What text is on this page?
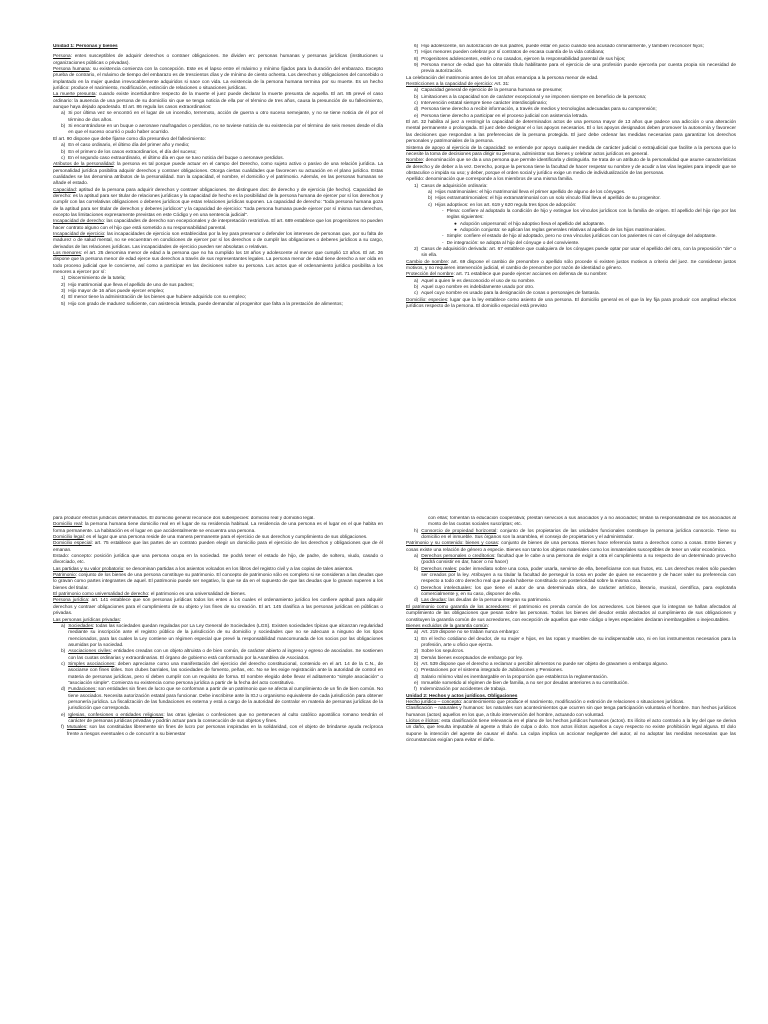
Unidad 1: Personas y bienes

Persona: entes susceptibles de adquirir derechos o contraer obligaciones. Se dividen en: personas humanas y personas jurídicas (instituciones u organizaciones públicas o privadas).

Persona humana: su existencia comienza con la concepción. Este es el lapso entre el máximo y mínimo fijados para la duración del embarazo. Excepto prueba de contrario, el máximo de tiempo del embarazo es de trescientos días y de mínimo de ciento ochenta. Los derechos y obligaciones del concebido o implantado en la mujer quedan irrevocablemente adquiridos si nace con vida. La existencia de la persona humana termina por su muerte. Es un hecho jurídico: produce el nacimiento, modificación, extinción de relaciones o situaciones jurídicas.

La muerte presunta: cuando existe incertidumbre respecto de la muerte el juez puede declarar la muerte presunta de aquella. El art. 85 prevé el caso ordinario: la ausencia de una persona de su domicilio sin que se tenga noticia de ella por el término de tres años, causa la presunción de su fallecimiento, aunque haya dejado apoderado. El art. 86 regula los casos extraordinarios:

a) Si por última vez se encontró en el lugar de un incendio, terremoto, acción de guerra u otro suceso semejante, y no se tiene noticia de él por el término de dos años.
b) Si encontrándose en un buque o aeronave naufragados o perdidos, no se tuviese noticia de su existencia por el término de seis meses desde el día en que el suceso ocurrió o pudo haber ocurrido.

El art. 90 dispone que debe fijarse como día presuntivo del fallecimiento:

a) En el caso ordinario, el último día del primer año y medio;
b) En el primero de los casos extraordinarios, el día del suceso;
c) En el segundo caso extraordinario, el último día en que se tuvo noticia del buque o aeronave perdidos.

Atributos de la personalidad: la persona es tal porque puede actuar en el campo del Derecho, como sujeto activo o pasivo de una relación jurídica. La personalidad jurídica posibilita adquirir derechos y contraer obligaciones. Otorga ciertas cualidades que favorecen su actuación en el plano jurídico. Estas cualidades se las denomina atributos de la personalidad. Son la capacidad, el nombre, el domicilio y el patrimonio. Además, en las personas humanas se añade el estado.

Capacidad: aptitud de la persona para adquirir derechos y contraer obligaciones. Se distinguen dos: de derecho y de ejercicio (de hecho). Capacidad de derecho: es la aptitud para ser titular de relaciones jurídicas y la capacidad de hecho es la posibilidad de la persona humana de ejercer por sí los derechos y cumplir con las correlativas obligaciones o deberes jurídicos que estas relaciones jurídicas suponen. La capacidad de derecho: "toda persona humana goza de la aptitud para ser titular de derechos y deberes jurídicos" y la capacidad de ejercicio: "toda persona humana puede ejercer por sí misma sus derechos, excepto las limitaciones expresamente previstas en este Código y en una sentencia judicial".

Incapacidad de derecho: las capacidades de derecho son excepcionales y de interpretación restrictiva. El art. 689 establece que los progenitores no pueden hacer contrato alguno con el hijo que está sometido a su responsabilidad parental.

Incapacidad de ejercicio: las incapacidades de ejercicio son establecidas por la ley para preservar o defender los intereses de personas que, por su falta de madurez o de salud mental, no se encuentran en condiciones de ejercer por sí los derechos o de cumplir las obligaciones o deberes jurídicos a su cargo, derivados de las relaciones jurídicas. Las incapacidades de ejercicio pueden ser absolutas o relativas.

Los menores: el art. 25 denomina menor de edad a la persona que no ha cumplido los 18 años y adolescente al menor que cumplió 13 años. El art. 26 dispone que la persona menor de edad ejerce sus derechos a través de sus representantes legales. La persona menor de edad tiene derecho a ser oída en todo proceso judicial que le concierne, así como a participar en las decisiones sobre su persona. Los actos que el ordenamiento jurídico posibilita a los menores a ejercer por sí:

1) Discernimiento de la tutela;
2) Hijo matrimonial que lleva el apellido de uno de sus padres;
3) Hijo mayor de 16 años puede ejercer empleo;
4) El menor tiene la administración de los bienes que hubiere adquirido con su empleo;
5) Hijo con grado de madurez suficiente, con asistencia letrada, puede demandar al progenitor que falta a la prestación de alimentos;
6) Hijo adolescente, sin autorización de sus padres, puede estar en juicio cuando sea acusado criminalmente, y también reconocer hijos;
7) Hijos menores pueden celebrar por sí contratos de escasa cuantía de la vida cotidiana;
8) Progenitores adolescentes, estén o no casados, ejercen la responsabilidad parental de sus hijos;
9) Persona menor de edad que ha obtenido título habilitante para el ejercicio de una profesión puede ejercerla por cuenta propia sin necesidad de previa autorización.

La celebración del matrimonio antes de los 18 años emancipa a la persona menor de edad.

Restricciones a la capacidad de ejercicio: Art. 31:

a) Capacidad general de ejercicio de la persona humana se presume;
b) Limitaciones a la capacidad son de carácter excepcional y se imponen siempre en beneficio de la persona;
c) Intervención estatal siempre tiene carácter interdisciplinario;
d) Persona tiene derecho a recibir información, a través de medios y tecnologías adecuadas para su comprensión;
e) Persona tiene derecho a participar en el proceso judicial con asistencia letrada.

El art. 32 habilita al juez a restringir la capacidad de determinados actos de una persona mayor de 13 años que padece una adicción o una alteración mental permanente o prolongada. El juez debe designar el o los apoyos necesarios. El o los apoyos designados deben promover la autonomía y favorecer las decisiones que respondan a las preferencias de la persona protegida. El juez debe ordenar las medidas necesarias para garantizar los derechos personales y patrimoniales de la persona.

Sistema de apoyo al ejercicio de la capacidad: se entiende por apoyo cualquier medida de carácter judicial o extrajudicial que facilite a la persona que lo necesite la toma de decisiones para dirigir su persona, administrar sus bienes y celebrar actos jurídicos en general.

Nombre: denominación que se da a una persona que permite identificarla y distinguirla. Se trata de un atributo de la personalidad que asume características de derecho y de deber a la vez. Derecho, porque la persona tiene la facultad de hacer respetar su nombre y de acudir a las vías legales para impedir que se obstaculice o impida su uso; y deber, porque el orden social y jurídico exige un medio de individualización de las personas.

Apellido: denominación que corresponde a los miembros de una misma familia.

1) Casos de adquisición ordinaria:
a) Hijos matrimoniales: el hijo matrimonial lleva el primer apellido de alguno de los cónyuges.
b) Hijos extramatrimoniales: el hijo extramatrimonial con un solo vínculo filial lleva el apellido de su progenitor.
c) Hijos adoptivos: en los art. 619 y 620 regula tres tipos de adopción:
- Plena: confiere al adoptado la condición de hijo y extingue los vínculos jurídicos con la familia de origen. El apellido del hijo rige por las reglas siguientes:
● Adopción unipersonal: el hijo adoptivo lleva el apellido del adoptante.
● Adopción conjunta: se aplican las reglas generales relativas al apellido de los hijos matrimoniales.
- Simple: confiere el estado de hijo al adoptado, pero no crea vínculos jurídicos con los parientes ni con el cónyuge del adoptante.
- De integración: se adopta al hijo del cónyuge o del conviviente.
2) Casos de adquisición derivada: art. 67 establece que cualquiera de los cónyuges puede optar por usar el apellido del otro, con la preposición "de" o sin ella.

Cambio de nombre: art. 69 dispone el cambio de prenombre o apellido sólo procede si existen justos motivos a criterio del juez. Se consideran justos motivos, y no requieren intervención judicial, el cambio de prenombre por razón de identidad o género.

Protección del nombre: art. 71 establece que puede ejercer acciones en defensa de su nombre:

a) Aquel a quien le es desconocido el uso de su nombre.
b) Aquel cuyo nombre es indebidamente usado por otro.
c) Aquel cuyo nombre es usado para la designación de cosas o personajes de fantasía.

Domicilio: especies: lugar que la ley establece como asiento de una persona. El domicilio general es el que la ley fija para producir con amplitud efectos jurídicos respecto de la persona. El domicilio especial está previsto

para producir efectos jurídicos determinados. El domicilio general reconoce dos subespecies: domicilio real y domicilio legal.

Domicilio real: la persona humana tiene domicilio real en el lugar de su residencia habitual. La residencia de una persona es el lugar en el que habita en forma permanente. La habitación es el lugar en que accidentalmente se encuentra una persona.

Domicilio legal: es el lugar que una persona reside de una manera permanente para el ejercicio de sus derechos y cumplimiento de sus obligaciones.

Domicilio especial: art. 75 establece que las partes de un contrato pueden elegir un domicilio para el ejercicio de los derechos y obligaciones que de él emanan.

Estado: concepto: posición jurídica que una persona ocupa en la sociedad. Se podrá tener el estado de hijo, de padre, de soltero, viudo, casado o divorciado, etc.

Las partidas y su valor probatorio: se denominan partidas a los asientos volcados en los libros del registro civil y a las copias de tales asientos.

Patrimonio: conjunto de los bienes de una persona constituye su patrimonio. El concepto de patrimonio sólo es completo si se consideran a las deudas que lo gravan como partes integrantes de aquel. El patrimonio puede ser negativo, lo que se da en el supuesto de que las deudas que lo gravan superen a los bienes del titular.

El patrimonio como universalidad de derecho: el patrimonio es una universalidad de bienes.

Persona jurídica: art. 141 establece que son personas jurídicas todos los entes a los cuales el ordenamiento jurídico les confiere aptitud para adquirir derechos y contraer obligaciones para el cumplimiento de su objeto y los fines de su creación. El art. 145 clasifica a las personas jurídicas en públicas o privadas.

Las personas jurídicas privadas:

a) Sociedades: todas las sociedades quedan reguladas por La Ley General de Sociedades (LGS). Existen sociedades típicas que alcanzan regularidad mediante su inscripción ante el registro público de la jurisdicción de su domicilio y sociedades que no se adecuan a ninguno de los tipos mencionados, para las cuales la Ley contiene un régimen especial que prevé la responsabilidad mancomunada de los socios por las obligaciones asumidas por la sociedad.
b) Asociaciones civiles: entidades creadas con un objeto altruista o de bien común, de carácter abierto al ingreso y egreso de asociados. Se sostienen con las cuotas ordinarias y extraordinarias. El órgano de gobierno está conformado por la Asamblea de Asociados.
c) Simples asociaciones: deben apreciarse como una manifestación del ejercicio del derecho constitucional, contenido en el art. 14 de la C.N., de asociarse con fines útiles. Son clubes barriales, las sociedades de fomento, peñas, etc. No se les exige registración ante la autoridad de control en materia de personas jurídicas, pero sí deben cumplir con un requisito de forma. El nombre elegido debe llevar el aditamento "simple asociación" o "asociación simple". Comienza su existencia como persona jurídica a partir de la fecha del acto constitutivo.
d) Fundaciones: son entidades sin fines de lucro que se conforman a partir de un patrimonio que se afecta al cumplimiento de un fin de bien común. No tiene asociados. Necesita autorización estatal para funcionar. Debe inscribirse ante la IGJ u organismo equivalente de cada jurisdicción para obtener personería jurídica. La fiscalización de las fundaciones es externa y está a cargo de la autoridad de contralor en materia de personas jurídicas de la jurisdicción que corresponda.
e) Iglesias, confesiones o entidades religiosas: las otras iglesias o confesiones que no pertenecen al culto católico apostólico romano tendrán el carácter de personas jurídicas privadas y podrán actuar para la consecución de sus objetos y fines.
f) Mutuales: son las constituidas libremente sin fines de lucro por personas inspiradas en la solidaridad, con el objeto de brindarse ayuda recíproca frente a riesgos eventuales o de concurrir a su bienestar

con ellas; fomentan la educación cooperativa; prestan servicios a sus asociados y a no asociados; limitan la responsabilidad de los asociados al monto de las cuotas sociales suscriptas; etc.

h) Consorcio de propiedad horizontal: conjunto de los propietarios de las unidades funcionales constituye la persona jurídica consorcio. Tiene su domicilio en el inmueble. Sus órganos son la asamblea, el consejo de propietarios y el administrador.

Patrimonio y su contenido: bienes y cosas: conjunto de bienes de una persona. Bienes hace referencia tanto a derechos como a cosas. Entre bienes y cosas existe una relación de género a especie. Bienes son tanto los objetos materiales como los inmateriales susceptibles de tener un valor económico.

a) Derechos personales o creditorios: facultad que le cabe a una persona de exigir a otra el cumplimiento a su respecto de un determinado provecho (podrá consistir en dar, hacer o no hacer)
b) Derechos reales: poder inmediato sobre una cosa, poder usarla, servirse de ella, beneficiarse con sus frutos, etc. Los derechos reales sólo pueden ser creados por la ley. Atribuyen a su titular la facultad de perseguir la cosa en poder de quien se encuentre y de hacer valer su preferencia con respecto a todo otro derecho real que pueda haberse constituido con posterioridad sobre la misma cosa.
c) Derechos intelectuales: los que tiene el autor de una determinada obra, de carácter artístico, literario, musical, científica, para explotarla comercialmente y, en su caso, disponer de ella.
d) Las deudas: las deudas de la persona integran su patrimonio.

El patrimonio como garantía de los acreedores: el patrimonio es prenda común de los acreedores. Los bienes que lo integran se hallan afectados al cumplimiento de las obligaciones que pesan sobre las personas. Todos los bienes del deudor están afectados al cumplimiento de sus obligaciones y constituyen la garantía común de sus acreedores, con excepción de aquellos que este código o leyes especiales declaran inembargables o inejecutables.

Bienes excluidos de la garantía común:

a) Art. 219 dispone no se traban nunca embargo:
1) En el lecho cotidiano del deudor, de su mujer e hijos, en las ropas y muebles de su indispensable uso, ni en los instrumentos necesarios para la profesión, arte u oficio que ejerza.
2) Sobre los sepulcros.
3) Demás bienes exceptuados de embargo por ley.
b) Art. 539 dispone que el derecho a reclamar o percibir alimentos no puede ser objeto de gravamen o embargo alguno.
c) Prestaciones por el sistema integrado de Jubilaciones y Pensiones.
d) Salario mínimo vital es inembargable en la proporción que establezca la reglamentación.
e) Inmueble sometido al régimen de bien de familia, a no ser por deudas anteriores a su constitución.
f) Indemnización por accidentes de trabajo.

Unidad 2: Hechos y actos jurídicos. Obligaciones

Hecho jurídico – concepto: acontecimiento que produce el nacimiento, modificación o extinción de relaciones o situaciones jurídicas.

Clasificación – naturales y humanos: los naturales son acontecimientos que ocurren sin que tenga participación voluntaria el hombre. Son hechos jurídicos humanos (actos) aquellos en los que, a título intervención del hombre, actuando con voluntad.

Lícitos e ilícitos: esta clasificación tiene relevancia en el plano de los hechos jurídicos humanos (actos). Es ilícito el acto contrario a la ley del que se deriva un daño, que resulta imputable al agente a título de culpa o dolo. Son actos ilícitos aquellos a cuyo respecto no existe prohibición legal alguna. El dolo supone la intención del agente de causar el daño. La culpa implica un accionar negligente del autor, al no adoptar las medidas necesarias que las circunstancias exigían para evitar el daño.
